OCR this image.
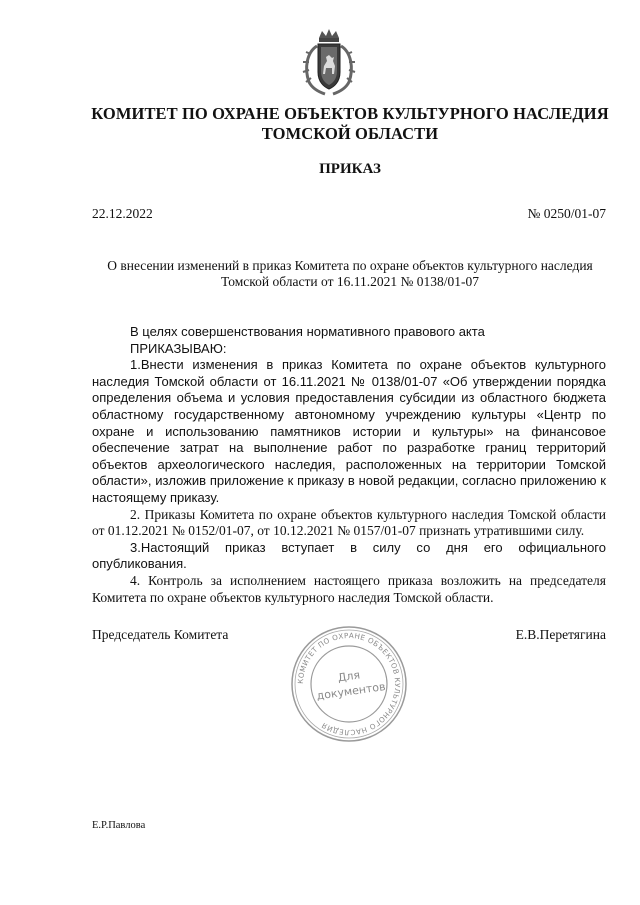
КОМИТЕТ ПО ОХРАНЕ ОБЪЕКТОВ КУЛЬТУРНОГО НАСЛЕДИЯ
ТОМСКОЙ ОБЛАСТИ
ПРИКАЗ
22.12.2022	№ 0250/01-07
О внесении изменений в приказ Комитета по охране объектов культурного наследия
Томской области от 16.11.2021 № 0138/01-07

В целях совершенствования нормативного правового акта

ПРИКАЗЫВАЮ:

1.Внести изменения в приказ Комитета по охране объектов культурного наследия Томской области от 16.11.2021 № 0138/01-07 «Об утверждении порядка определения объема и условия предоставления субсидии из областного бюджета областному государственному автономному учреждению культуры «Центр по охране и использованию памятников истории и культуры» на финансовое обеспечение затрат на выполнение работ по разработке границ территорий объектов археологического наследия, расположенных на территории Томской области», изложив приложение к приказу в новой редакции, согласно приложению к настоящему приказу.

2. Приказы Комитета по охране объектов культурного наследия Томской области от 01.12.2021 № 0152/01-07, от 10.12.2021 № 0157/01-07 признать утратившими силу.

3.Настоящий приказ вступает в силу со дня его официального опубликования.

4. Контроль за исполнением настоящего приказа возложить на председателя Комитета по охране объектов культурного наследия Томской области.

Председатель Комитета	Е.В.Перетягина
КОМИТЕТ ПО ОХРАНЕ ОБЪЕКТОВ КУЛЬТУРНОГО НАСЛЕДИЯ
Для
документов
Е.Р.Павлова
